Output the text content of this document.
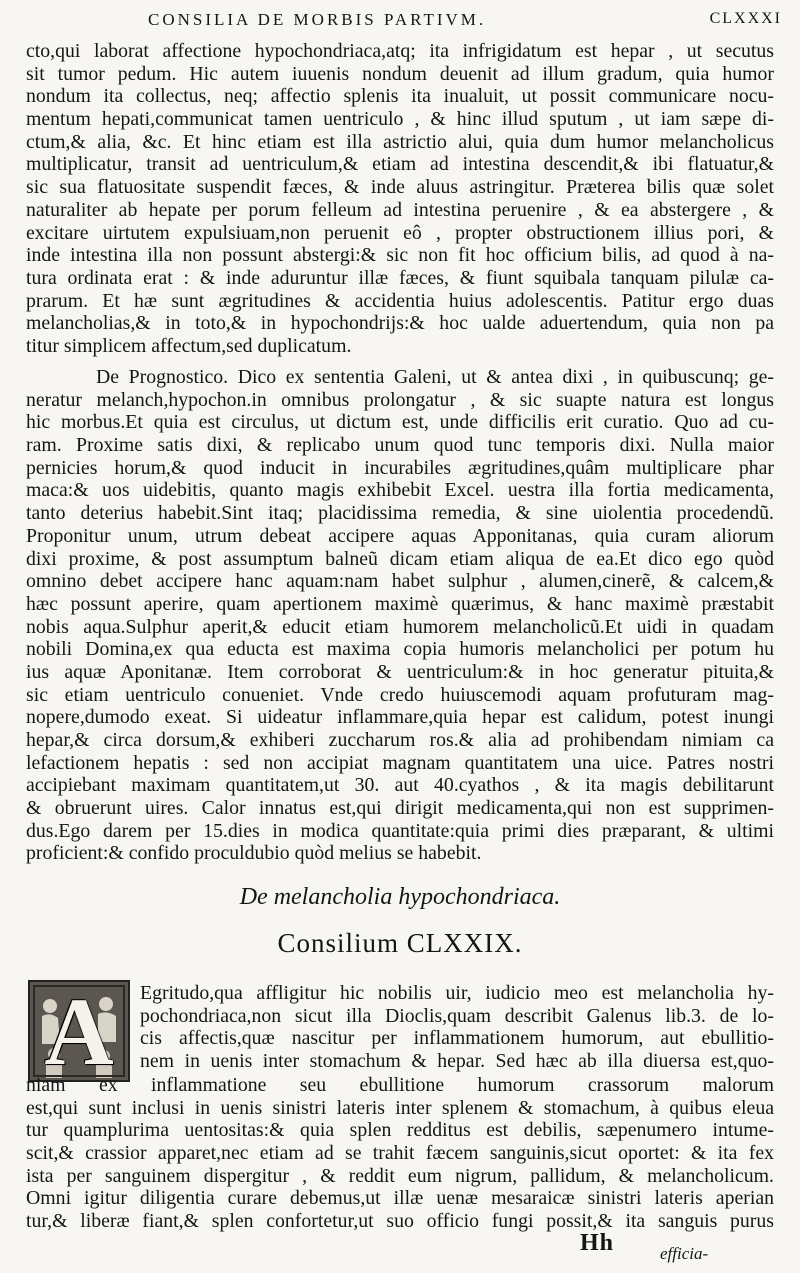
CONSILIA DE MORBIS PARTIVM.	CLXXXI
cto,qui laborat affectione hypochondriaca,atq; ita infrigidatum est hepar , ut secutus
sit tumor pedum. Hic autem iuuenis nondum deuenit ad illum gradum, quia humor
nondum ita collectus, neq; affectio splenis ita inualuit, ut possit communicare nocu-
mentum hepati,communicat tamen uentriculo , & hinc illud sputum , ut iam sæpe di-
ctum,& alia, &c. Et hinc etiam est illa astrictio alui, quia dum humor melancholicus
multiplicatur, transit ad uentriculum,& etiam ad intestina descendit,& ibi flatuatur,&
sic sua flatuositate suspendit fæces, & inde aluus astringitur. Præterea bilis quæ solet
naturaliter ab hepate per porum felleum ad intestina peruenire , & ea abstergere , &
excitare uirtutem expulsiuam,non peruenit eô , propter obstructionem illius pori, &
inde intestina illa non possunt abstergi:& sic non fit hoc officium bilis, ad quod à na-
tura ordinata erat : & inde aduruntur illæ fæces, & fiunt squibala tanquam pilulæ ca-
prarum. Et hæ sunt ægritudines & accidentia huius adolescentis. Patitur ergo duas
melancholias,& in toto,& in hypochondrijs:& hoc ualde aduertendum, quia non pa
titur simplicem affectum,sed duplicatum.
De Prognostico. Dico ex sententia Galeni, ut & antea dixi , in quibuscunq; ge-
neratur melanch,hypochon.in omnibus prolongatur , & sic suapte natura est longus
hic morbus.Et quia est circulus, ut dictum est, unde difficilis erit curatio. Quo ad cu-
ram. Proxime satis dixi, & replicabo unum quod tunc temporis dixi. Nulla maior
pernicies horum,& quod inducit in incurabiles ægritudines,quâm multiplicare phar
maca:& uos uidebitis, quanto magis exhibebit Excel. uestra illa fortia medicamenta,
tanto deterius habebit.Sint itaq; placidissima remedia, & sine uiolentia procedendũ.
Proponitur unum, utrum debeat accipere aquas Apponitanas, quia curam aliorum
dixi proxime, & post assumptum balneũ dicam etiam aliqua de ea.Et dico ego quòd
omnino debet accipere hanc aquam:nam habet sulphur , alumen,cinerẽ, & calcem,&
hæc possunt aperire, quam apertionem maximè quærimus, & hanc maximè præstabit
nobis aqua.Sulphur aperit,& educit etiam humorem melancholicũ.Et uidi in quadam
nobili Domina,ex qua educta est maxima copia humoris melancholici per potum hu
ius aquæ Aponitanæ. Item corroborat & uentriculum:& in hoc generatur pituita,&
sic etiam uentriculo conueniet. Vnde credo huiuscemodi aquam profuturam mag-
nopere,dumodo exeat. Si uideatur inflammare,quia hepar est calidum, potest inungi
hepar,& circa dorsum,& exhiberi zuccharum ros.& alia ad prohibendam nimiam ca
lefactionem hepatis : sed non accipiat magnam quantitatem una uice. Patres nostri
accipiebant maximam quantitatem,ut 30. aut 40.cyathos , & ita magis debilitarunt
& obruerunt uires. Calor innatus est,qui dirigit medicamenta,qui non est supprimen-
dus.Ego darem per 15.dies in modica quantitate:quia primi dies præparant, & ultimi
proficient:& confido proculdubio quòd melius se habebit.
De melancholia hypochondriaca.
Consilium CLXXIX.
A	Egritudo,qua affligitur hic nobilis uir, iudicio meo est melancholia hy-
pochondriaca,non sicut illa Dioclis,quam describit Galenus lib.3. de lo-
cis affectis,quæ nascitur per inflammationem humorum, aut ebullitio-
nem in uenis inter stomachum & hepar. Sed hæc ab illa diuersa est,quo-
niam ex inflammatione seu ebullitione humorum crassorum malorum
est,qui sunt inclusi in uenis sinistri lateris inter splenem & stomachum, à quibus eleua
tur quamplurima uentositas:& quia splen redditus est debilis, sæpenumero intume-
scit,& crassior apparet,nec etiam ad se trahit fæcem sanguinis,sicut oportet: & ita fex
ista per sanguinem dispergitur , & reddit eum nigrum, pallidum, & melancholicum.
Omni igitur diligentia curare debemus,ut illæ uenæ mesaraicæ sinistri lateris aperian
tur,& liberæ fiant,& splen confortetur,ut suo officio fungi possit,& ita sanguis purus
Hh	efficia-
